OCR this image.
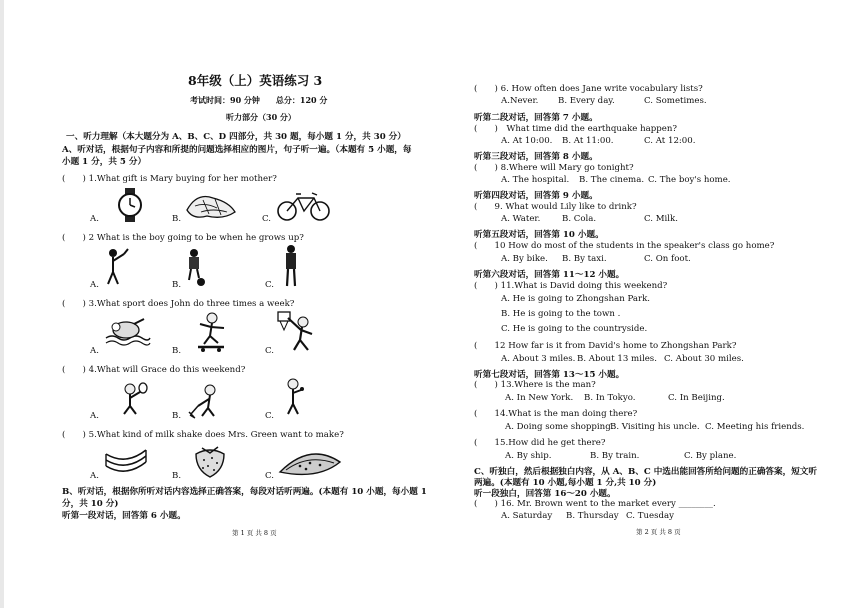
8年级（上）英语练习 3
考试时间：90 分钟　　总分：120 分
听力部分（30 分）
一、听力理解（本大题分为 A、B、C、D 四部分，共 30 题，每小题 1 分，共 30 分）
A、听对话，根据句子内容和所提的问题选择相应的图片，句子听一遍。（本题有 5 小题，每
小题 1 分，共 5 分）
(　　) 1.What gift is Mary buying for her mother?
A.	B.	C.
(　　) 2 What is the boy going to be when he grows up?
A.	B.	C.
(　　) 3.What sport does John do three times a week?
A.	B.	C.
(　　) 4.What will Grace do this weekend?
A.	B.	C.
(　　) 5.What kind of milk shake does Mrs. Green want to make?
A.	B.	C.
B、听对话，根据你所听对话内容选择正确答案，每段对话听两遍。(本题有 10 小题，每小题 1
分，共 10 分)
听第一段对话，回答第 6 小题。
第 1 页 共 8 页
(　　) 6. How often does Jane write vocabulary lists?
A.Never. B. Every day.	C. Sometimes.
听第二段对话，回答第 7 小题。
(　　)　What time did the earthquake happen?
A. At 10:00. B. At 11:00.	C. At 12:00.
听第三段对话，回答第 8 小题。
(　　) 8.Where will Mary go tonight?
A. The hospital. B. The cinema. C. The boy's home.
听第四段对话，回答第 9 小题。
(　　9. What would Lily like to drink?
A. Water.	B. Cola.	C. Milk.
听第五段对话，回答第 10 小题。
(　　10 How do most of the students in the speaker's class go home?
A. By bike. B. By taxi.	C. On foot.
听第六段对话，回答第 11～12 小题。
(　　) 11.What is David doing this weekend?
A. He is going to Zhongshan Park.
B. He is going to the town .
C. He is going to the countryside.
(　　12 How far is it from David's home to Zhongshan Park?
A. About 3 miles. B. About 13 miles. C. About 30 miles.
听第七段对话，回答第 13～15 小题。
(　　) 13.Where is the man?
A. In New York. B. In Tokyo.	C. In Beijing.
(　　14.What is the man doing there?
A. Doing some shopping.
B. Visiting his uncle. C. Meeting his friends.
(　　15.How did he get there?
A. By ship.	B. By train.	C. By plane.
C、听独白，然后根据独白内容，从 A、B、C 中选出能回答所给问题的正确答案，短文听
两遍。(本题有 10 小题,每小题 1 分,共 10 分)
听一段独白，回答第 16～20 小题。
(　　) 16. Mr. Brown went to the market every ________.
A. Saturday B. Thursday C. Tuesday
第 2 页 共 8 页
